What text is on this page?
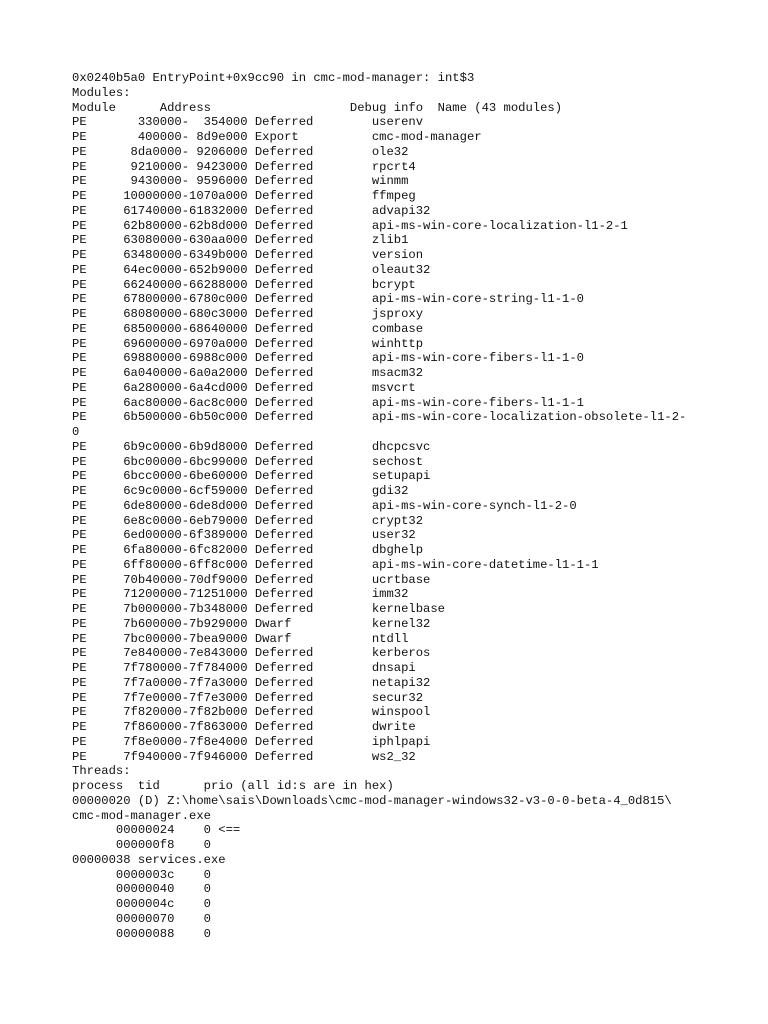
0x0240b5a0 EntryPoint+0x9cc90 in cmc-mod-manager: int$3
Modules:
Module      Address                   Debug info  Name (43 modules)
PE       330000-  354000 Deferred        userenv
PE       400000- 8d9e000 Export          cmc-mod-manager
PE      8da0000- 9206000 Deferred        ole32
PE      9210000- 9423000 Deferred        rpcrt4
PE      9430000- 9596000 Deferred        winmm
PE     10000000-1070a000 Deferred        ffmpeg
PE     61740000-61832000 Deferred        advapi32
PE     62b80000-62b8d000 Deferred        api-ms-win-core-localization-l1-2-1
PE     63080000-630aa000 Deferred        zlib1
PE     63480000-6349b000 Deferred        version
PE     64ec0000-652b9000 Deferred        oleaut32
PE     66240000-66288000 Deferred        bcrypt
PE     67800000-6780c000 Deferred        api-ms-win-core-string-l1-1-0
PE     68080000-680c3000 Deferred        jsproxy
PE     68500000-68640000 Deferred        combase
PE     69600000-6970a000 Deferred        winhttp
PE     69880000-6988c000 Deferred        api-ms-win-core-fibers-l1-1-0
PE     6a040000-6a0a2000 Deferred        msacm32
PE     6a280000-6a4cd000 Deferred        msvcrt
PE     6ac80000-6ac8c000 Deferred        api-ms-win-core-fibers-l1-1-1
PE     6b500000-6b50c000 Deferred        api-ms-win-core-localization-obsolete-l1-2-
0
PE     6b9c0000-6b9d8000 Deferred        dhcpcsvc
PE     6bc00000-6bc99000 Deferred        sechost
PE     6bcc0000-6be60000 Deferred        setupapi
PE     6c9c0000-6cf59000 Deferred        gdi32
PE     6de80000-6de8d000 Deferred        api-ms-win-core-synch-l1-2-0
PE     6e8c0000-6eb79000 Deferred        crypt32
PE     6ed00000-6f389000 Deferred        user32
PE     6fa80000-6fc82000 Deferred        dbghelp
PE     6ff80000-6ff8c000 Deferred        api-ms-win-core-datetime-l1-1-1
PE     70b40000-70df9000 Deferred        ucrtbase
PE     71200000-71251000 Deferred        imm32
PE     7b000000-7b348000 Deferred        kernelbase
PE     7b600000-7b929000 Dwarf           kernel32
PE     7bc00000-7bea9000 Dwarf           ntdll
PE     7e840000-7e843000 Deferred        kerberos
PE     7f780000-7f784000 Deferred        dnsapi
PE     7f7a0000-7f7a3000 Deferred        netapi32
PE     7f7e0000-7f7e3000 Deferred        secur32
PE     7f820000-7f82b000 Deferred        winspool
PE     7f860000-7f863000 Deferred        dwrite
PE     7f8e0000-7f8e4000 Deferred        iphlpapi
PE     7f940000-7f946000 Deferred        ws2_32
Threads:
process  tid      prio (all id:s are in hex)
00000020 (D) Z:\home\sais\Downloads\cmc-mod-manager-windows32-v3-0-0-beta-4_0d815\
cmc-mod-manager.exe
00000024    0 <==
000000f8    0
00000038 services.exe
0000003c    0
00000040    0
0000004c    0
00000070    0
00000088    0
